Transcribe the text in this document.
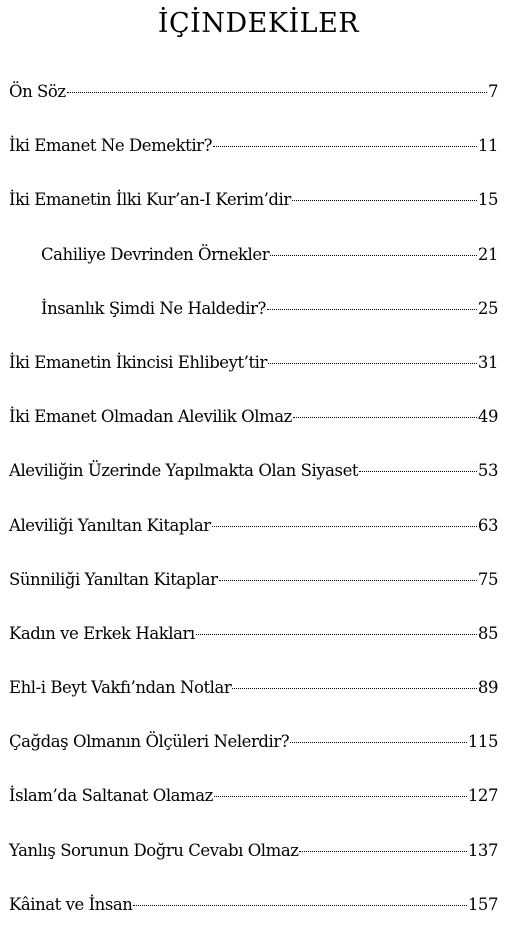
İÇİNDEKİLER
Ön Söz	7
İki Emanet Ne Demektir?	11
İki Emanetin İlki Kur’an-I Kerim’dir	15
Cahiliye Devrinden Örnekler	21
İnsanlık Şimdi Ne Haldedir?	25
İki Emanetin İkincisi Ehlibeyt’tir	31
İki Emanet Olmadan Alevilik Olmaz	49
Aleviliğin Üzerinde Yapılmakta Olan Siyaset	53
Aleviliği Yanıltan Kitaplar	63
Sünniliği Yanıltan Kitaplar	75
Kadın ve Erkek Hakları	85
Ehl-i Beyt Vakfı’ndan Notlar	89
Çağdaş Olmanın Ölçüleri Nelerdir?	115
İslam’da Saltanat Olamaz	127
Yanlış Sorunun Doğru Cevabı Olmaz	137
Kâinat ve İnsan	157
